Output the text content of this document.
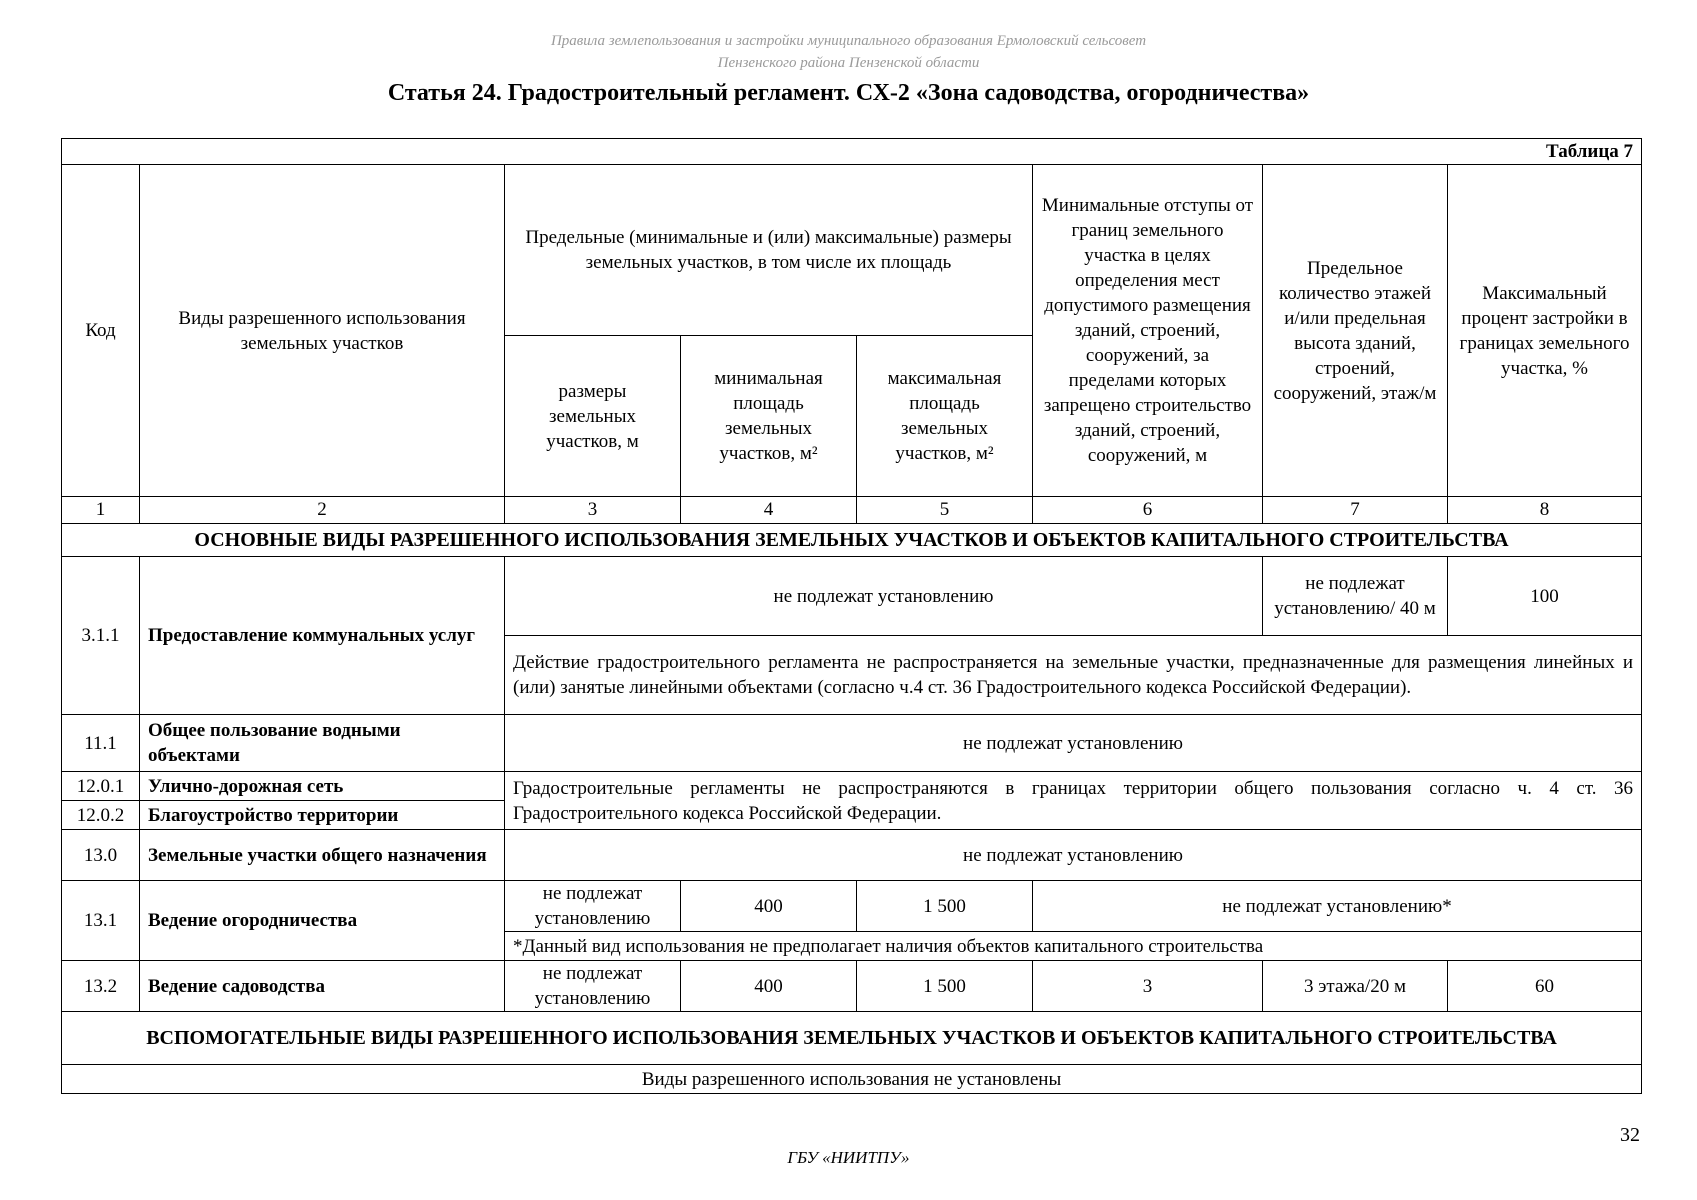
Правила землепользования и застройки муниципального образования Ермоловский сельсовет
Пензенского района Пензенской области
Статья 24. Градостроительный регламент. СХ-2 «Зона садоводства, огородничества»
Таблица 7							
Код	Виды разрешенного использования земельных участков	Предельные (минимальные и (или) максимальные) размеры земельных участков, в том числе их площадь			Минимальные отступы от границ земельного участка в целях определения мест допустимого размещения зданий, строений, сооружений, за пределами которых запрещено строительство зданий, строений, сооружений, м	Предельное количество этажей и/или предельная высота зданий, строений, сооружений, этаж/м	Максимальный процент застройки в границах земельного участка, %
		размеры земельных участков, м	минимальная площадь земельных участков, м²	максимальная площадь земельных участков, м²			
1	2	3	4	5	6	7	8
ОСНОВНЫЕ ВИДЫ РАЗРЕШЕННОГО ИСПОЛЬЗОВАНИЯ ЗЕМЕЛЬНЫХ УЧАСТКОВ И ОБЪЕКТОВ КАПИТАЛЬНОГО СТРОИТЕЛЬСТВА							
3.1.1	Предоставление коммунальных услуг	не подлежат установлению				не подлежат установлению/ 40 м	100
		Действие градостроительного регламента не распространяется на земельные участки, предназначенные для размещения линейных и (или) занятые линейными объектами (согласно ч.4 ст. 36 Градостроительного кодекса Российской Федерации).					
11.1	Общее пользование водными объектами	не подлежат установлению					
12.0.1	Улично-дорожная сеть	Градостроительные регламенты не распространяются в границах территории общего пользования согласно ч. 4 ст. 36 Градостроительного кодекса Российской Федерации.					
12.0.2	Благоустройство территории						
13.0	Земельные участки общего назначения	не подлежат установлению					
13.1	Ведение огородничества	не подлежат установлению	400	1 500	не подлежат установлению*		
		*Данный вид использования не предполагает наличия объектов капитального строительства					
13.2	Ведение садоводства	не подлежат установлению	400	1 500	3	3 этажа/20 м	60
ВСПОМОГАТЕЛЬНЫЕ ВИДЫ РАЗРЕШЕННОГО ИСПОЛЬЗОВАНИЯ ЗЕМЕЛЬНЫХ УЧАСТКОВ И ОБЪЕКТОВ КАПИТАЛЬНОГО СТРОИТЕЛЬСТВА							
Виды разрешенного использования не установлены							
32
ГБУ «НИИТПУ»
